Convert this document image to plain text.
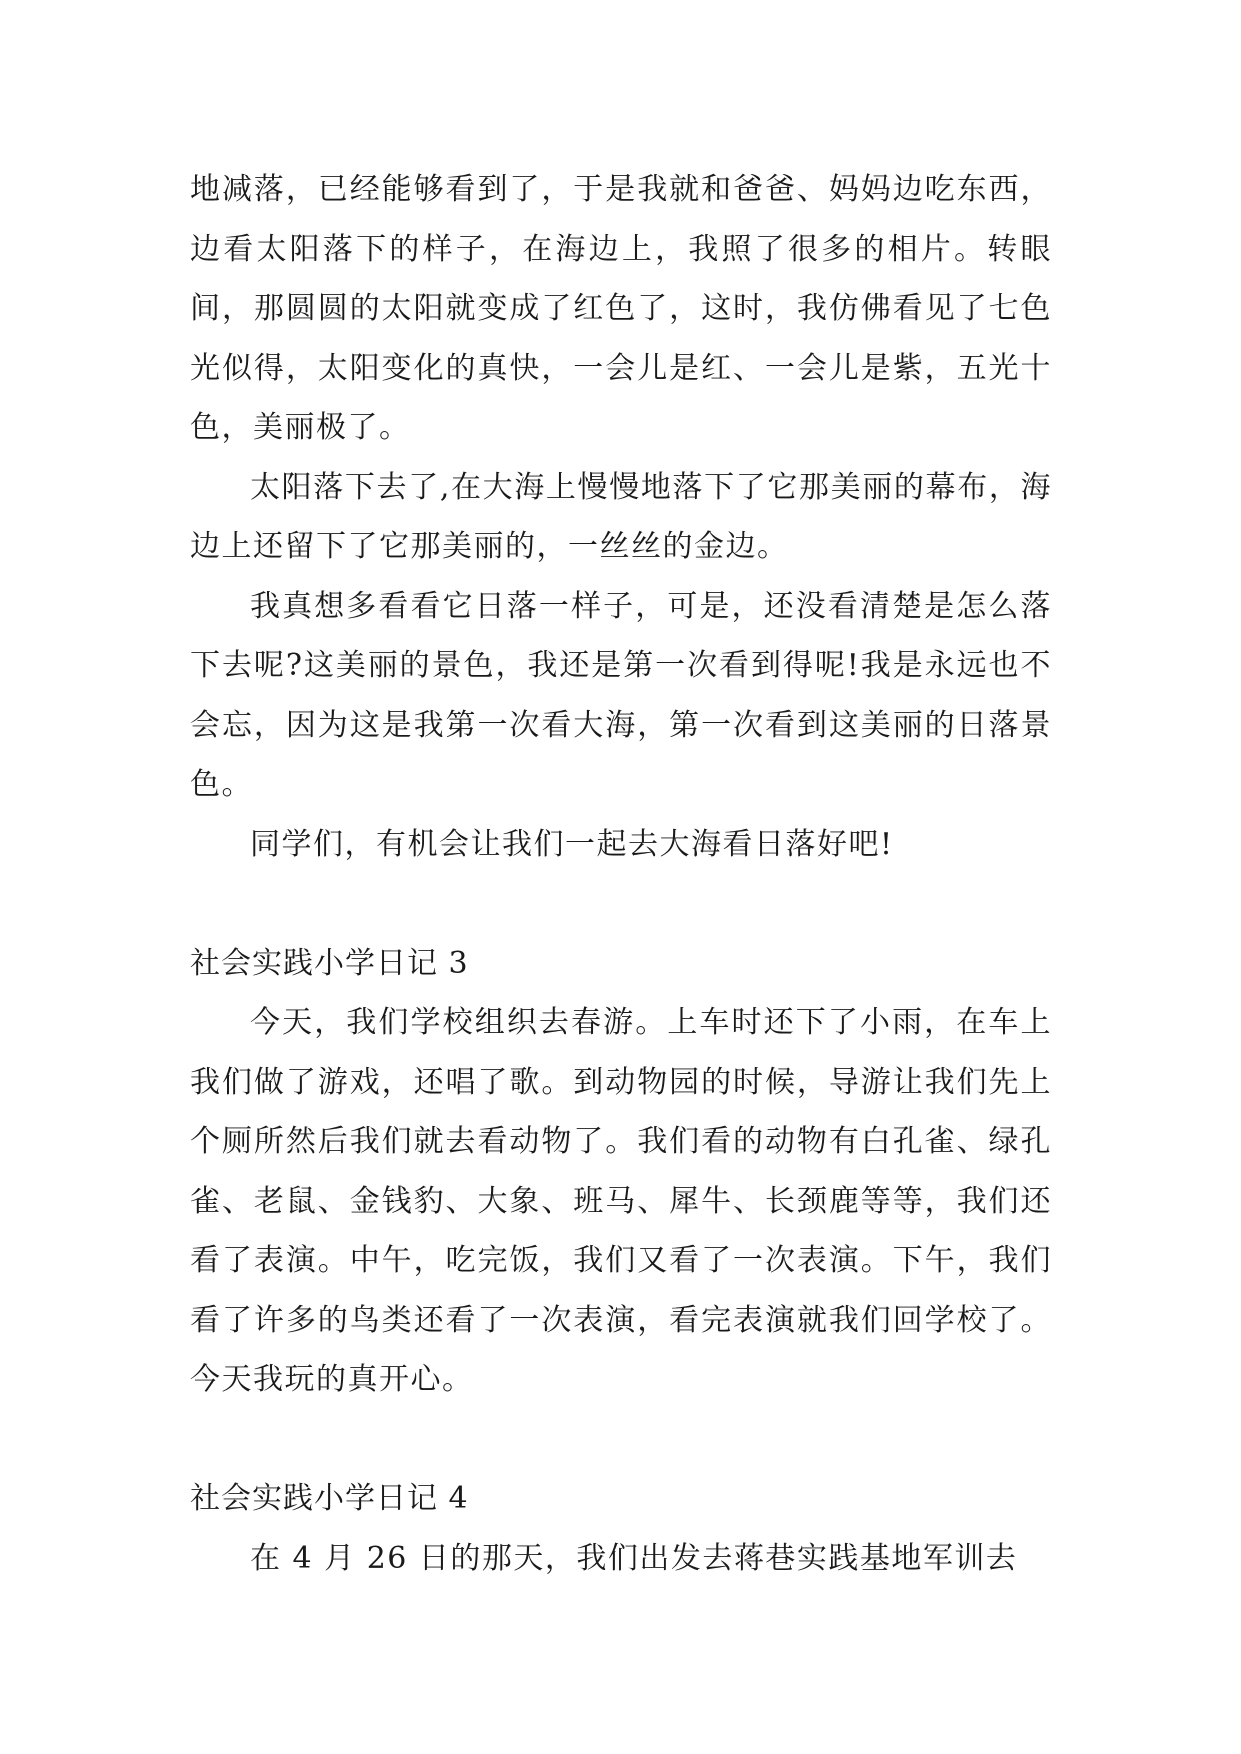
地减落，已经能够看到了，于是我就和爸爸、妈妈边吃东西，边看太阳落下的样子，在海边上，我照了很多的相片。转眼间，那圆圆的太阳就变成了红色了，这时，我仿佛看见了七色光似得，太阳变化的真快，一会儿是红、一会儿是紫，五光十色，美丽极了。

太阳落下去了,在大海上慢慢地落下了它那美丽的幕布，海边上还留下了它那美丽的，一丝丝的金边。

我真想多看看它日落一样子，可是，还没看清楚是怎么落下去呢?这美丽的景色，我还是第一次看到得呢!我是永远也不会忘，因为这是我第一次看大海，第一次看到这美丽的日落景色。

同学们，有机会让我们一起去大海看日落好吧!

社会实践小学日记 3

今天，我们学校组织去春游。上车时还下了小雨，在车上我们做了游戏，还唱了歌。到动物园的时候，导游让我们先上个厕所然后我们就去看动物了。我们看的动物有白孔雀、绿孔雀、老鼠、金钱豹、大象、班马、犀牛、长颈鹿等等，我们还看了表演。中午，吃完饭，我们又看了一次表演。下午，我们看了许多的鸟类还看了一次表演，看完表演就我们回学校了。今天我玩的真开心。

社会实践小学日记 4

在 4 月 26 日的那天，我们出发去蒋巷实践基地军训去
